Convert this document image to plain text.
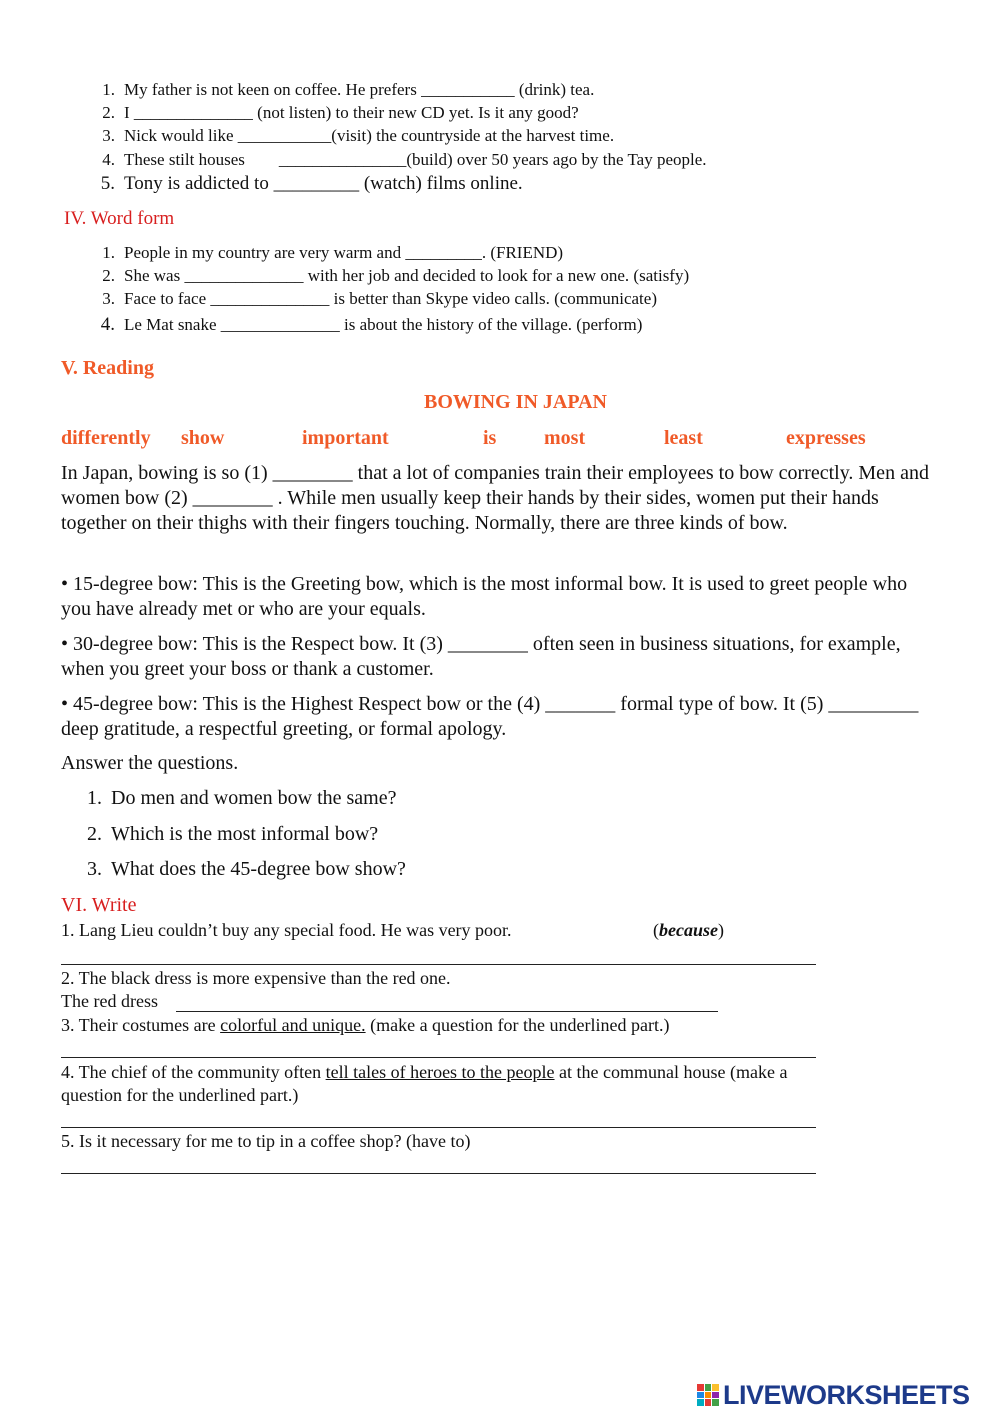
1. My father is not keen on coffee. He prefers ___________ (drink) tea.
2. I ______________ (not listen) to their new CD yet. Is it any good?
3. Nick would like ___________(visit) the countryside at the harvest time.
4. These stilt houses        _______________(build) over 50 years ago by the Tay people.
5. Tony is addicted to _________ (watch) films online.
IV. Word form
1. People in my country are very warm and _________. (FRIEND)
2. She was ______________ with her job and decided to look for a new one. (satisfy)
3. Face to face ______________ is better than Skype video calls. (communicate)
4. Le Mat snake ______________ is about the history of the village. (perform)
V. Reading
BOWING IN JAPAN
differently show	important	is most	least	expresses
In Japan, bowing is so (1) ________ that a lot of companies train their employees to bow correctly. Men and women bow (2) ________ . While men usually keep their hands by their sides, women put their hands together on their thighs with their fingers touching. Normally, there are three kinds of bow.
• 15-degree bow: This is the Greeting bow, which is the most informal bow. It is used to greet people who you have already met or who are your equals.
• 30-degree bow: This is the Respect bow. It (3) ________ often seen in business situations, for example, when you greet your boss or thank a customer.
• 45-degree bow: This is the Highest Respect bow or the (4) _______ formal type of bow. It (5) _________ deep gratitude, a respectful greeting, or formal apology.
Answer the questions.
1. Do men and women bow the same?
2. Which is the most informal bow?
3. What does the 45-degree bow show?
VI. Write
1. Lang Lieu couldn’t buy any special food. He was very poor.	(because)
2. The black dress is more expensive than the red one.
The red dress
3. Their costumes are colorful and unique. (make a question for the underlined part.)
4. The chief of the community often tell tales of heroes to the people at the communal house (make a
question for the underlined part.)
5. Is it necessary for me to tip in a coffee shop? (have to)
LIVEWORKSHEETS
